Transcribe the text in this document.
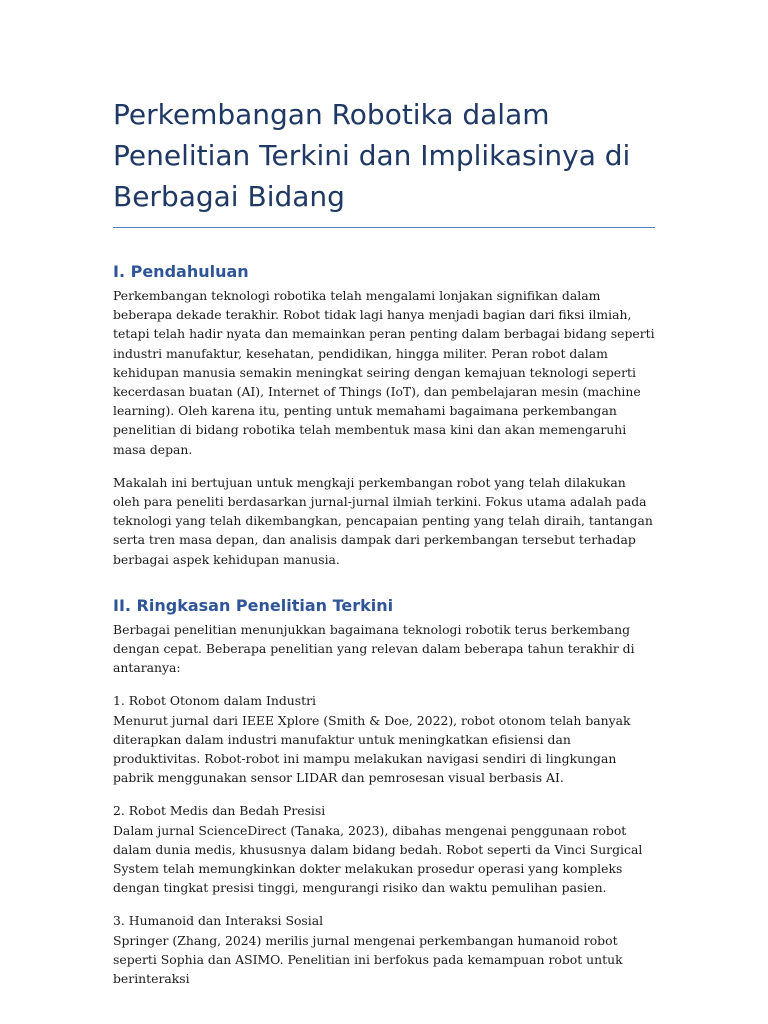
Perkembangan Robotika dalam Penelitian Terkini dan Implikasinya di Berbagai Bidang
I. Pendahuluan

Perkembangan teknologi robotika telah mengalami lonjakan signifikan dalam beberapa dekade terakhir. Robot tidak lagi hanya menjadi bagian dari fiksi ilmiah, tetapi telah hadir nyata dan memainkan peran penting dalam berbagai bidang seperti industri manufaktur, kesehatan, pendidikan, hingga militer. Peran robot dalam kehidupan manusia semakin meningkat seiring dengan kemajuan teknologi seperti kecerdasan buatan (AI), Internet of Things (IoT), dan pembelajaran mesin (machine learning). Oleh karena itu, penting untuk memahami bagaimana perkembangan penelitian di bidang robotika telah membentuk masa kini dan akan memengaruhi masa depan.

Makalah ini bertujuan untuk mengkaji perkembangan robot yang telah dilakukan oleh para peneliti berdasarkan jurnal-jurnal ilmiah terkini. Fokus utama adalah pada teknologi yang telah dikembangkan, pencapaian penting yang telah diraih, tantangan serta tren masa depan, dan analisis dampak dari perkembangan tersebut terhadap berbagai aspek kehidupan manusia.

II. Ringkasan Penelitian Terkini

Berbagai penelitian menunjukkan bagaimana teknologi robotik terus berkembang dengan cepat. Beberapa penelitian yang relevan dalam beberapa tahun terakhir di antaranya:

1. Robot Otonom dalam Industri

Menurut jurnal dari IEEE Xplore (Smith & Doe, 2022), robot otonom telah banyak diterapkan dalam industri manufaktur untuk meningkatkan efisiensi dan produktivitas. Robot-robot ini mampu melakukan navigasi sendiri di lingkungan pabrik menggunakan sensor LIDAR dan pemrosesan visual berbasis AI.

2. Robot Medis dan Bedah Presisi

Dalam jurnal ScienceDirect (Tanaka, 2023), dibahas mengenai penggunaan robot dalam dunia medis, khususnya dalam bidang bedah. Robot seperti da Vinci Surgical System telah memungkinkan dokter melakukan prosedur operasi yang kompleks dengan tingkat presisi tinggi, mengurangi risiko dan waktu pemulihan pasien.

3. Humanoid dan Interaksi Sosial

Springer (Zhang, 2024) merilis jurnal mengenai perkembangan humanoid robot seperti Sophia dan ASIMO. Penelitian ini berfokus pada kemampuan robot untuk berinteraksi
